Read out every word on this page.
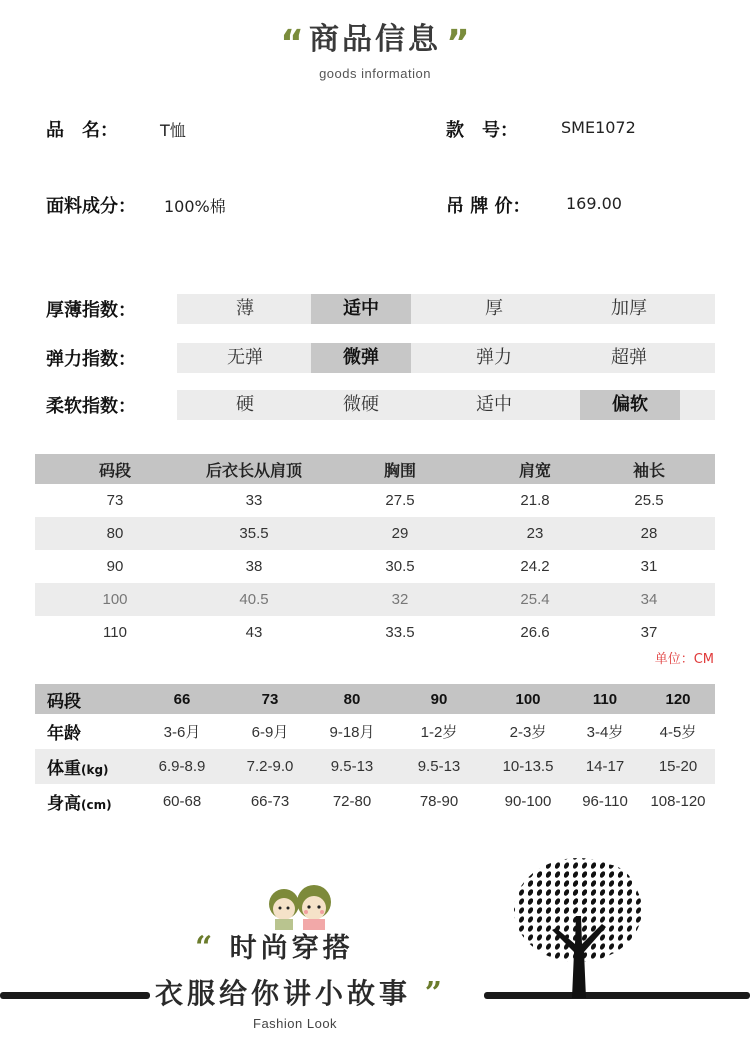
“ 商品信息 ”
goods information
品　名：	T恤	款　号：	SME1072
面料成分： 100%棉	吊 牌 价： 169.00
厚薄指数：	薄	适中	厚	加厚
弹力指数：	无弹	微弹	弹力	超弹
柔软指数：	硬	微硬	适中	偏软
码段	后衣长从肩顶	胸围	肩宽	袖长
73	33	27.5	21.8	25.5
80	35.5	29	23	28
90	38	30.5	24.2	31
100	40.5	32	25.4	34
110	43	33.5	26.6	37
单位：CM
码段	66	73	80	90	100	110	120
年龄	3-6月	6-9月	9-18月	1-2岁	2-3岁	3-4岁	4-5岁
体重(kg)	6.9-8.9	7.2-9.0	9.5-13	9.5-13	10-13.5	14-17	15-20
身高(cm)	60-68	66-73	72-80	78-90	90-100	96-110	108-120
“ 时尚穿搭
衣服给你讲小故事 ”
Fashion Look
